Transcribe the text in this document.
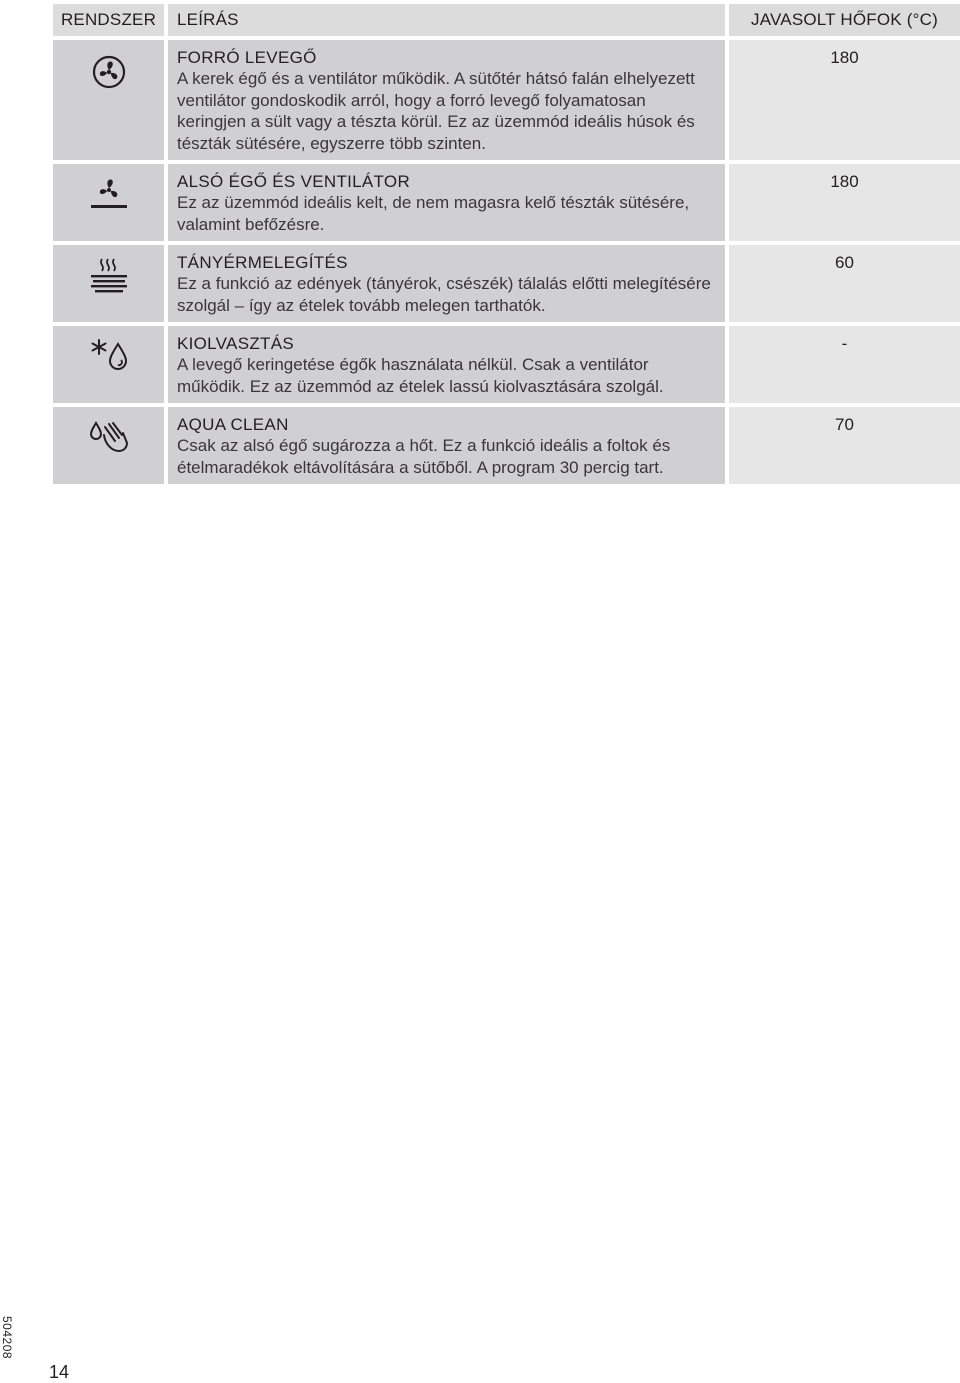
RENDSZER	LEÍRÁS	JAVASOLT HŐFOK (°C)
FORRÓ LEVEGŐ
A kerek égő és a ventilátor működik. A sütőtér hátsó falán elhelyezett ventilátor gondoskodik arról, hogy a forró levegő folyamatosan keringjen a sült vagy a tészta körül. Ez az üzemmód ideális húsok és tészták sütésére, egyszerre több szinten.
180
ALSÓ ÉGŐ ÉS VENTILÁTOR
Ez az üzemmód ideális kelt, de nem magasra kelő tészták sütésére, valamint befőzésre.
180
TÁNYÉRMELEGÍTÉS
Ez a funkció az edények (tányérok, csészék) tálalás előtti melegítésére szolgál – így az ételek tovább melegen tarthatók.
60
KIOLVASZTÁS
A levegő keringetése égők használata nélkül. Csak a ventilátor működik. Ez az üzemmód az ételek lassú kiolvasztására szolgál.
-
AQUA CLEAN
Csak az alsó égő sugározza a hőt. Ez a funkció ideális a foltok és ételmaradékok eltávolítására a sütőből. A program 30 percig tart.
70
504208
14
